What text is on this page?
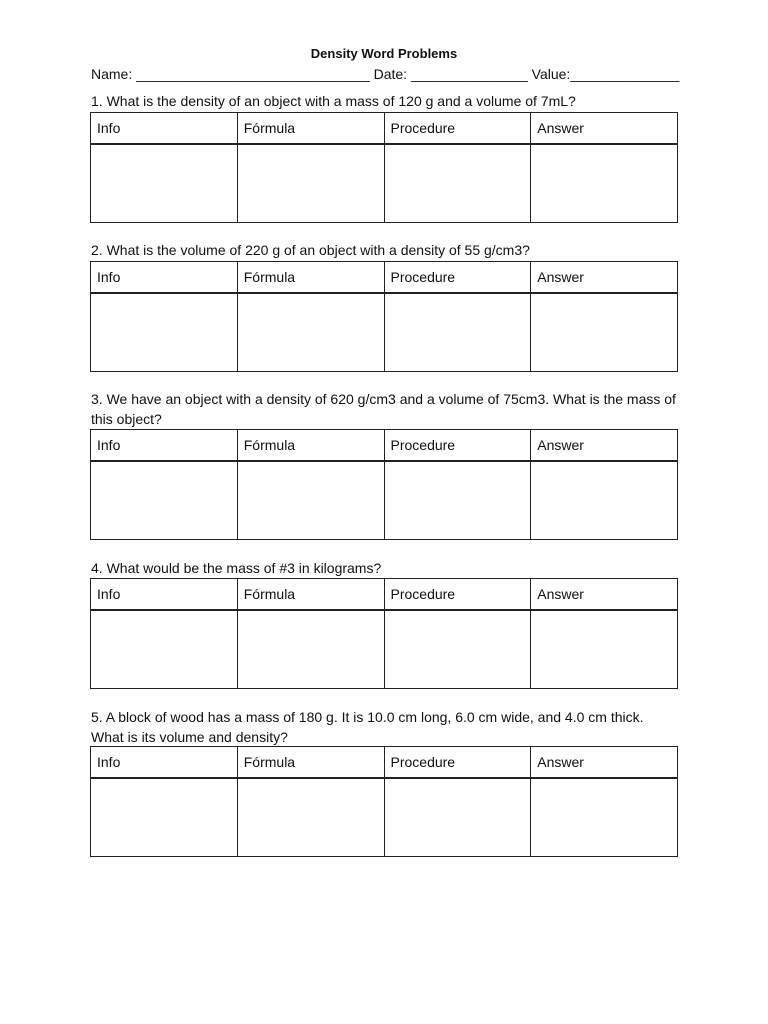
Density Word Problems
Name: ______________________________ Date: _______________ Value:______________
1. What is the density of an object with a mass of 120 g and a volume of 7mL?
Info	Fórmula	Procedure	Answer

2. What is the volume of 220 g of an object with a density of 55 g/cm3?
Info	Fórmula	Procedure	Answer

3. We have an object with a density of 620 g/cm3 and a volume of 75cm3. What is the mass of this object?
Info	Fórmula	Procedure	Answer

4. What would be the mass of #3 in kilograms?
Info	Fórmula	Procedure	Answer

5. A block of wood has a mass of 180 g. It is 10.0 cm long, 6.0 cm wide, and 4.0 cm thick. What is its volume and density?
Info	Fórmula	Procedure	Answer
